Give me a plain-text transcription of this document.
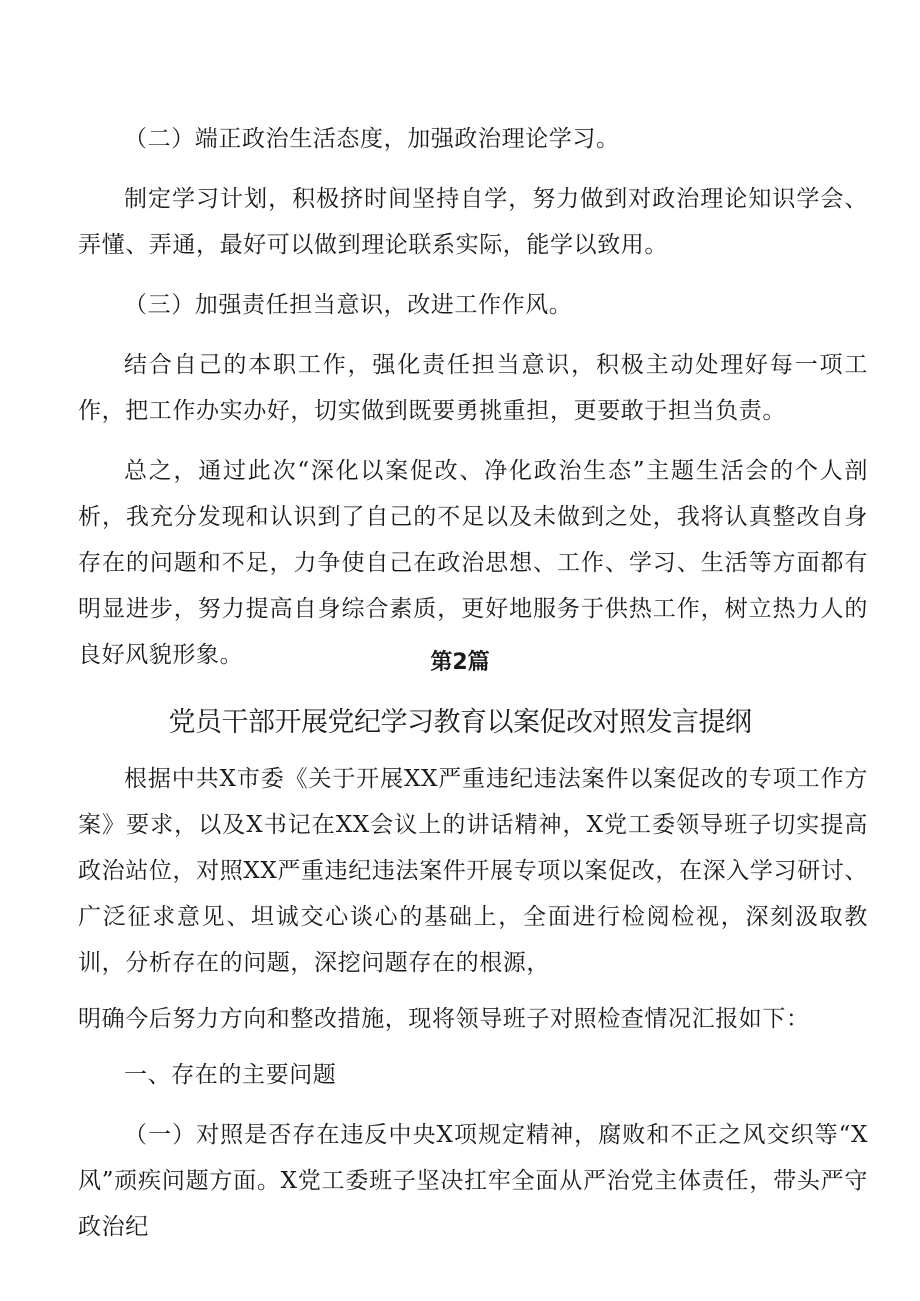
（二）端正政治生活态度，加强政治理论学习。
制定学习计划，积极挤时间坚持自学，努力做到对政治理论知识学会、弄懂、弄通，最好可以做到理论联系实际，能学以致用。
（三）加强责任担当意识，改进工作作风。
结合自己的本职工作，强化责任担当意识，积极主动处理好每一项工作，把工作办实办好，切实做到既要勇挑重担，更要敢于担当负责。
总之，通过此次“深化以案促改、净化政治生态”主题生活会的个人剖析，我充分发现和认识到了自己的不足以及未做到之处，我将认真整改自身存在的问题和不足，力争使自己在政治思想、工作、学习、生活等方面都有明显进步，努力提高自身综合素质，更好地服务于供热工作，树立热力人的良好风貌形象。	第2篇
党员干部开展党纪学习教育以案促改对照发言提纲
根据中共X市委《关于开展XX严重违纪违法案件以案促改的专项工作方案》要求，以及X书记在XX会议上的讲话精神，X党工委领导班子切实提高政治站位，对照XX严重违纪违法案件开展专项以案促改，在深入学习研讨、广泛征求意见、坦诚交心谈心的基础上，全面进行检阅检视，深刻汲取教训，分析存在的问题，深挖问题存在的根源，
明确今后努力方向和整改措施，现将领导班子对照检查情况汇报如下：
一、存在的主要问题
（一）对照是否存在违反中央X项规定精神，腐败和不正之风交织等“X风”顽疾问题方面。X党工委班子坚决扛牢全面从严治党主体责任，带头严守政治纪
